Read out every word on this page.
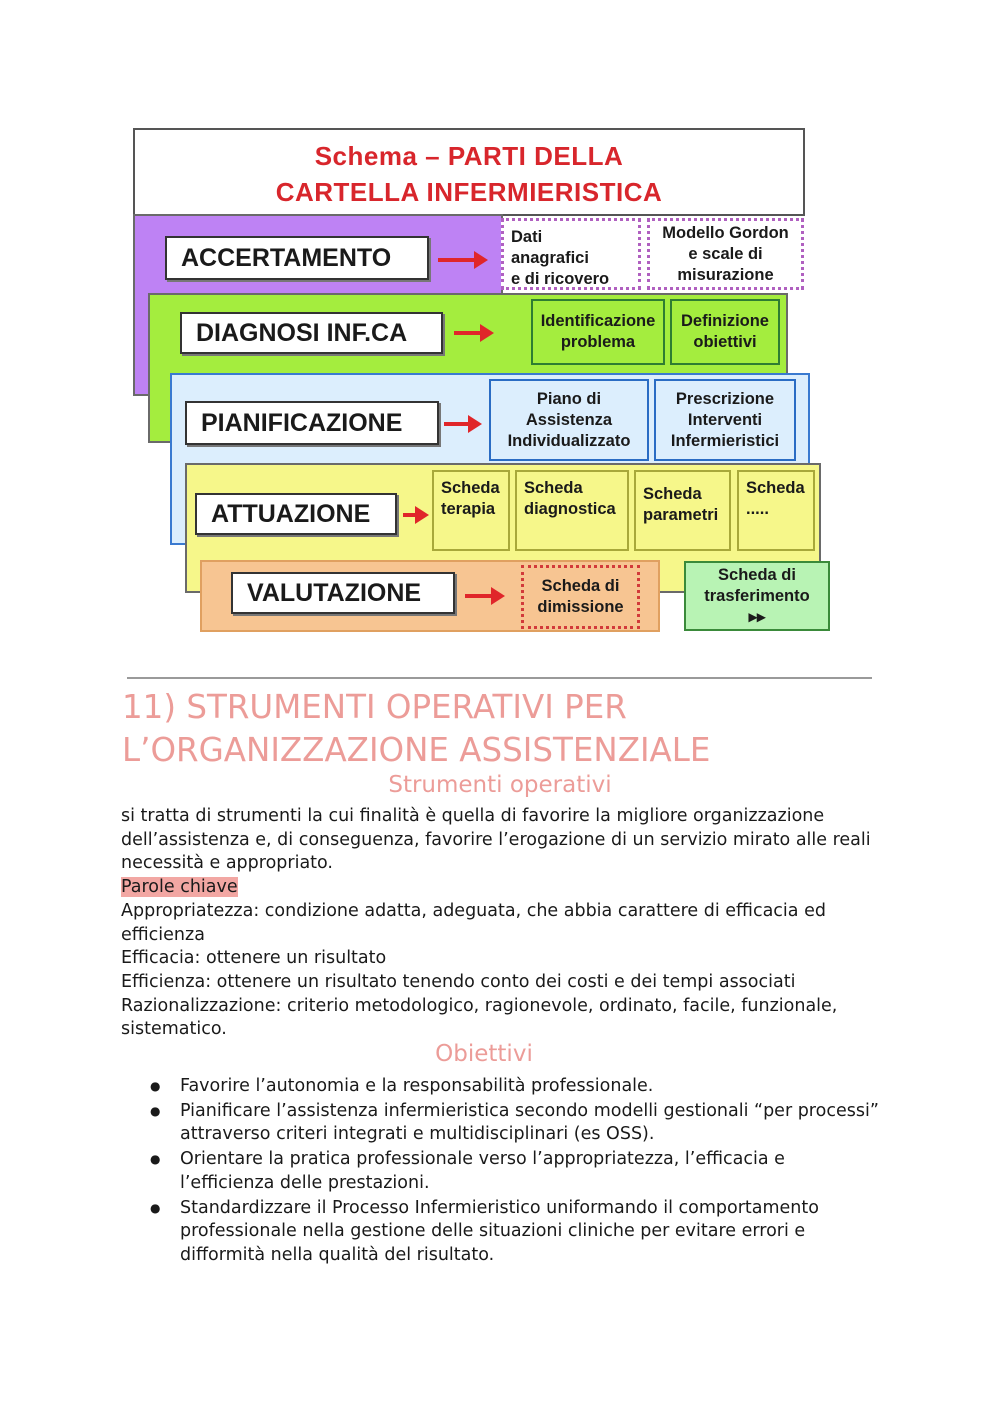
Schema – PARTI DELLA
CARTELLA INFERMIERISTICA
ACCERTAMENTO
Dati
anagrafici
e di ricovero
Modello Gordon
e scale di
misurazione
DIAGNOSI INF.CA	Identificazione
problema
Definizione
obiettivi
PIANIFICAZIONE
Piano di
Assistenza
Individualizzato
Prescrizione
Interventi
Infermieristici
ATTUAZIONE
Scheda
terapia
Scheda
diagnostica
Scheda
parametri
Scheda
.....
VALUTAZIONE	Scheda di
dimissione
Scheda di
trasferimento
▸▸
11) STRUMENTI OPERATIVI PER L’ORGANIZZAZIONE ASSISTENZIALE
Strumenti operativi

si tratta di strumenti la cui finalità è quella di favorire la migliore organizzazione dell’assistenza e, di conseguenza, favorire l’erogazione di un servizio mirato alle reali necessità e appropriato.

Parole chiave

Appropriatezza: condizione adatta, adeguata, che abbia carattere di efficacia ed efficienza

Efficacia: ottenere un risultato

Efficienza: ottenere un risultato tenendo conto dei costi e dei tempi associati

Razionalizzazione: criterio metodologico, ragionevole, ordinato, facile, funzionale, sistematico.

Obiettivi
● Favorire l’autonomia e la responsabilità professionale.
● Pianificare l’assistenza infermieristica secondo modelli gestionali “per processi” attraverso criteri integrati e multidisciplinari (es OSS).
● Orientare la pratica professionale verso l’appropriatezza, l’efficacia e l’efficienza delle prestazioni.
● Standardizzare il Processo Infermieristico uniformando il comportamento professionale nella gestione delle situazioni cliniche per evitare errori e difformità nella qualità del risultato.
